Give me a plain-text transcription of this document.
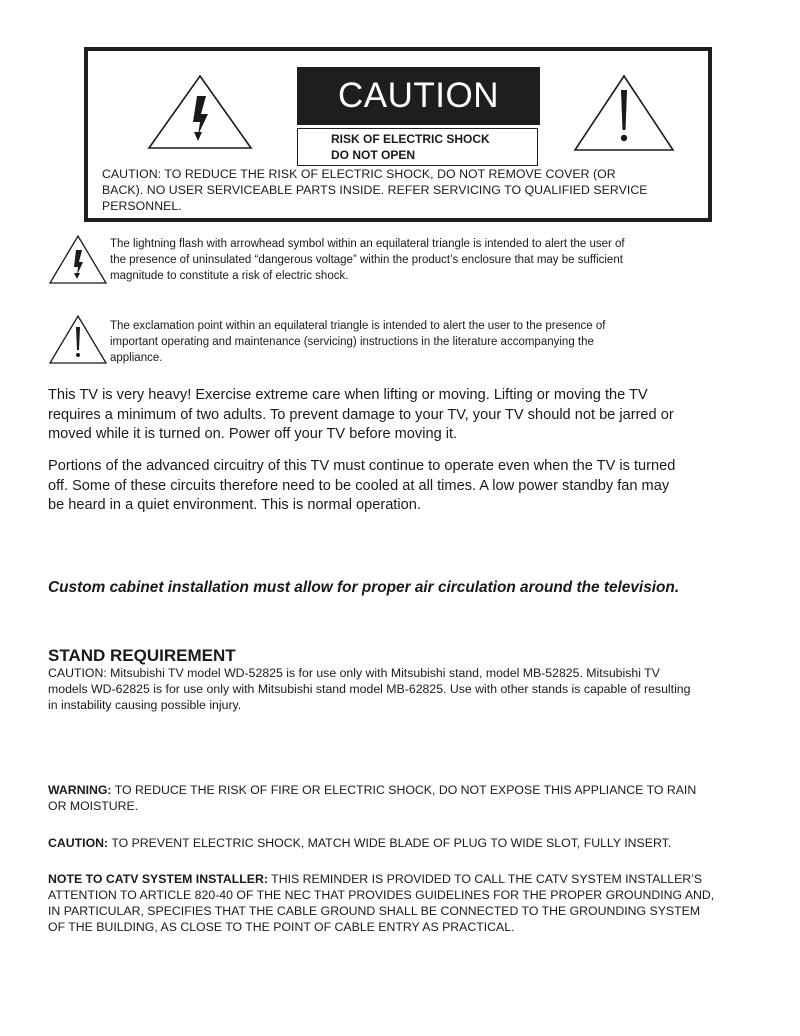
CAUTION
RISK OF ELECTRIC SHOCK
DO NOT OPEN
CAUTION: TO REDUCE THE RISK OF ELECTRIC SHOCK, DO NOT REMOVE COVER (OR
BACK). NO USER SERVICEABLE PARTS INSIDE. REFER SERVICING TO QUALIFIED SERVICE
PERSONNEL.
The lightning flash with arrowhead symbol within an equilateral triangle is intended to alert the user of
the presence of uninsulated “dangerous voltage” within the product’s enclosure that may be sufficient
magnitude to constitute a risk of electric shock.
The exclamation point within an equilateral triangle is intended to alert the user to the presence of
important operating and maintenance (servicing) instructions in the literature accompanying the
appliance.
This TV is very heavy! Exercise extreme care when lifting or moving. Lifting or moving the TV
requires a minimum of two adults. To prevent damage to your TV, your TV should not be jarred or
moved while it is turned on. Power off your TV before moving it.
Portions of the advanced circuitry of this TV must continue to operate even when the TV is turned
off. Some of these circuits therefore need to be cooled at all times. A low power standby fan may
be heard in a quiet environment. This is normal operation.
Custom cabinet installation must allow for proper air circulation around the television.
STAND REQUIREMENT
CAUTION: Mitsubishi TV model WD-52825 is for use only with Mitsubishi stand, model MB-52825. Mitsubishi TV
models WD-62825 is for use only with Mitsubishi stand model MB-62825. Use with other stands is capable of resulting
in instability causing possible injury.
WARNING: TO REDUCE THE RISK OF FIRE OR ELECTRIC SHOCK, DO NOT EXPOSE THIS APPLIANCE TO RAIN
OR MOISTURE.
CAUTION: TO PREVENT ELECTRIC SHOCK, MATCH WIDE BLADE OF PLUG TO WIDE SLOT, FULLY INSERT.
NOTE TO CATV SYSTEM INSTALLER: THIS REMINDER IS PROVIDED TO CALL THE CATV SYSTEM INSTALLER’S
ATTENTION TO ARTICLE 820-40 OF THE NEC THAT PROVIDES GUIDELINES FOR THE PROPER GROUNDING AND,
IN PARTICULAR, SPECIFIES THAT THE CABLE GROUND SHALL BE CONNECTED TO THE GROUNDING SYSTEM
OF THE BUILDING, AS CLOSE TO THE POINT OF CABLE ENTRY AS PRACTICAL.
